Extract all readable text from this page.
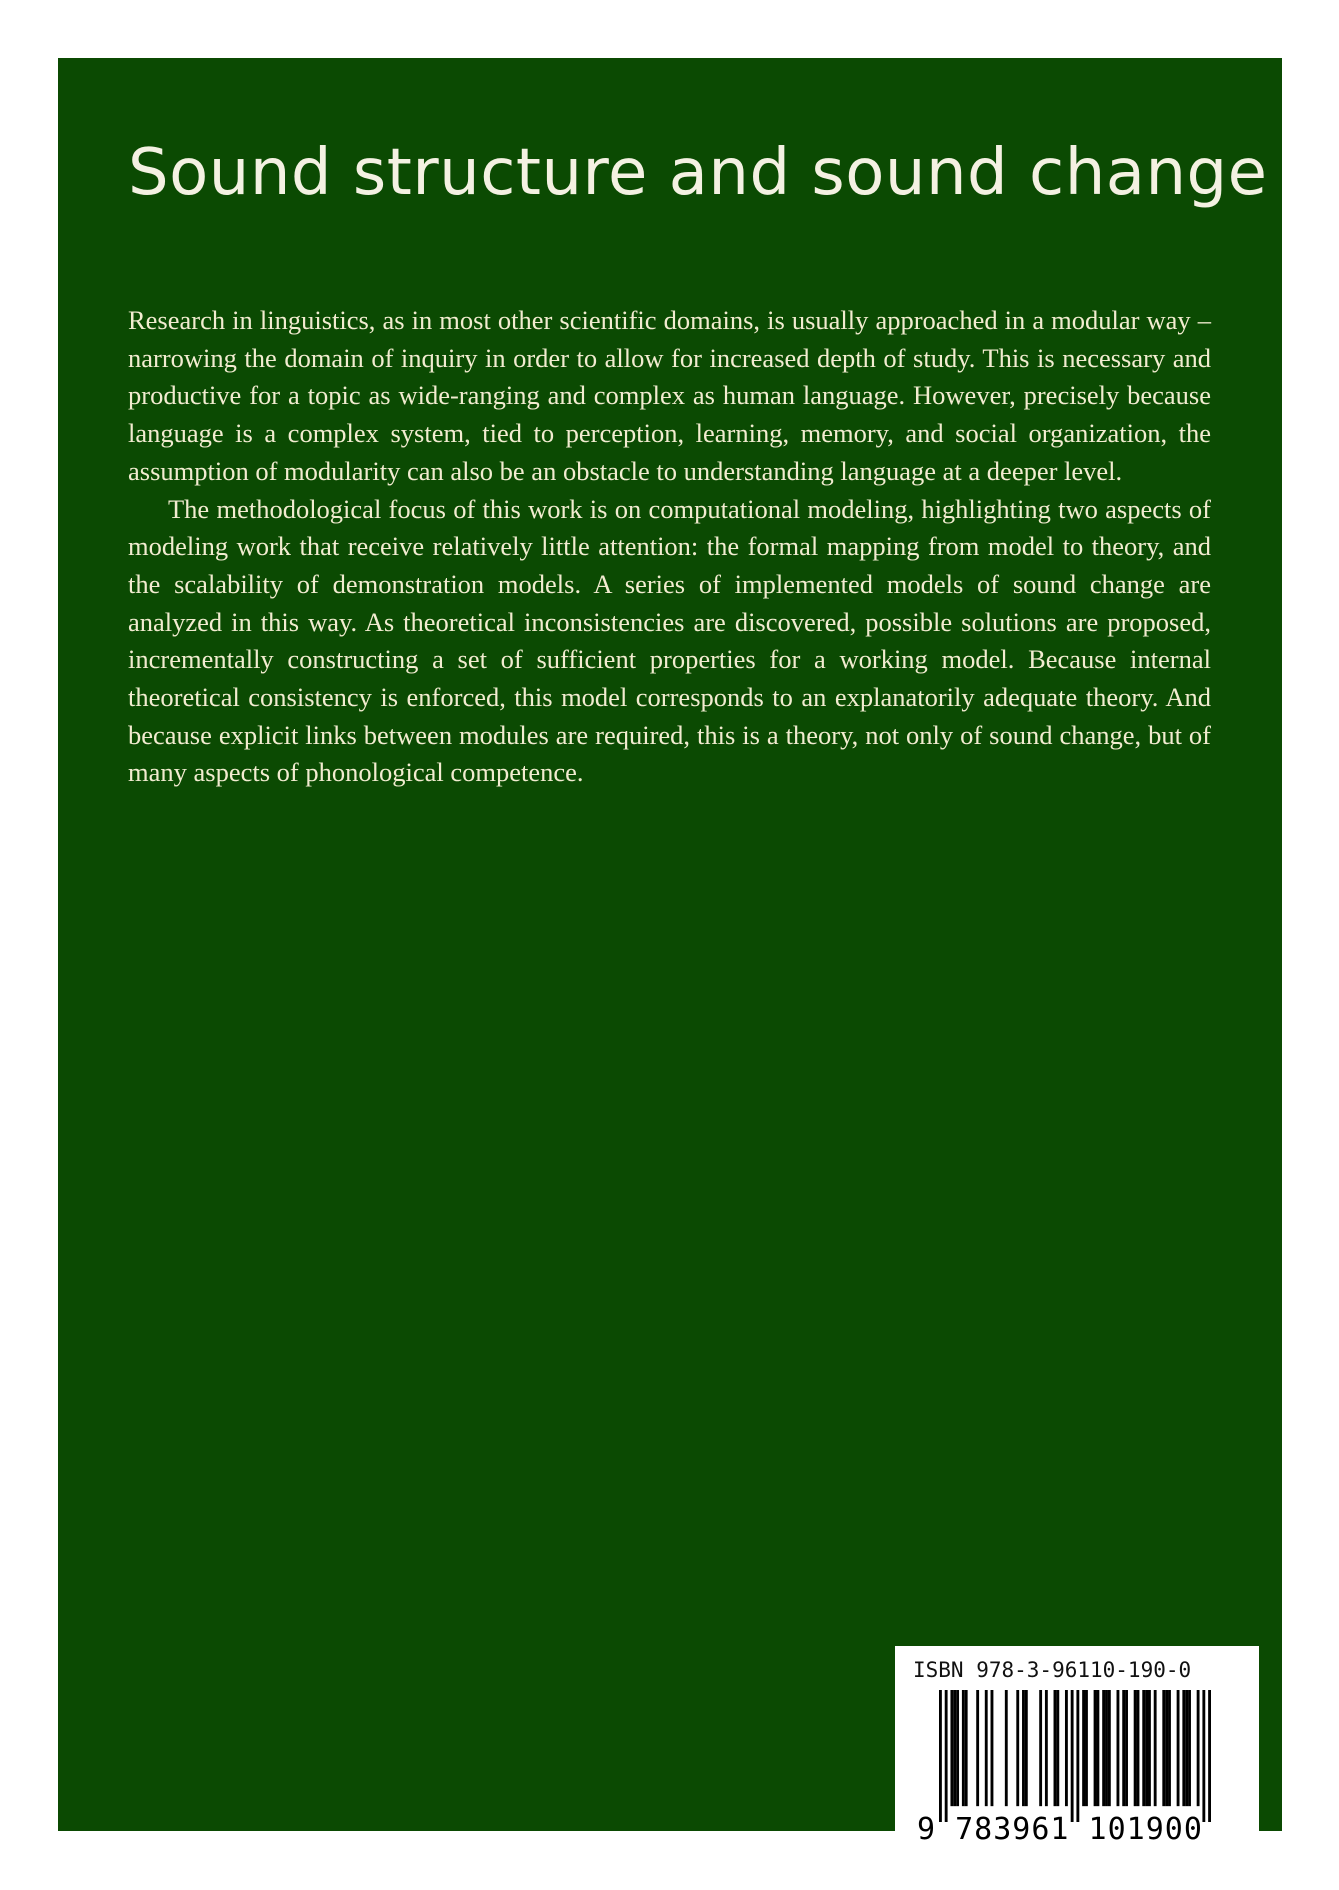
Sound structure and sound change

Research in linguistics, as in most other scientific domains, is usually approached in a modular way – narrowing the domain of inquiry in order to allow for increased depth of study. This is necessary and productive for a topic as wide-ranging and complex as human language. However, precisely because language is a complex system, tied to perception, learning, memory, and social organization, the assumption of modularity can also be an obstacle to understanding language at a deeper level.

The methodological focus of this work is on computational modeling, highlighting two aspects of modeling work that receive relatively little attention: the formal mapping from model to theory, and the scalability of demonstration models. A series of implemented models of sound change are analyzed in this way. As theoretical inconsistencies are discovered, possible solutions are proposed, incrementally constructing a set of sufficient properties for a working model. Because internal theoretical consistency is enforced, this model corresponds to an explanatorily adequate theory. And because explicit links between modules are required, this is a theory, not only of sound change, but of many aspects of phonological competence.

ISBN 978-3-96110-190-0
9 783961 101900
